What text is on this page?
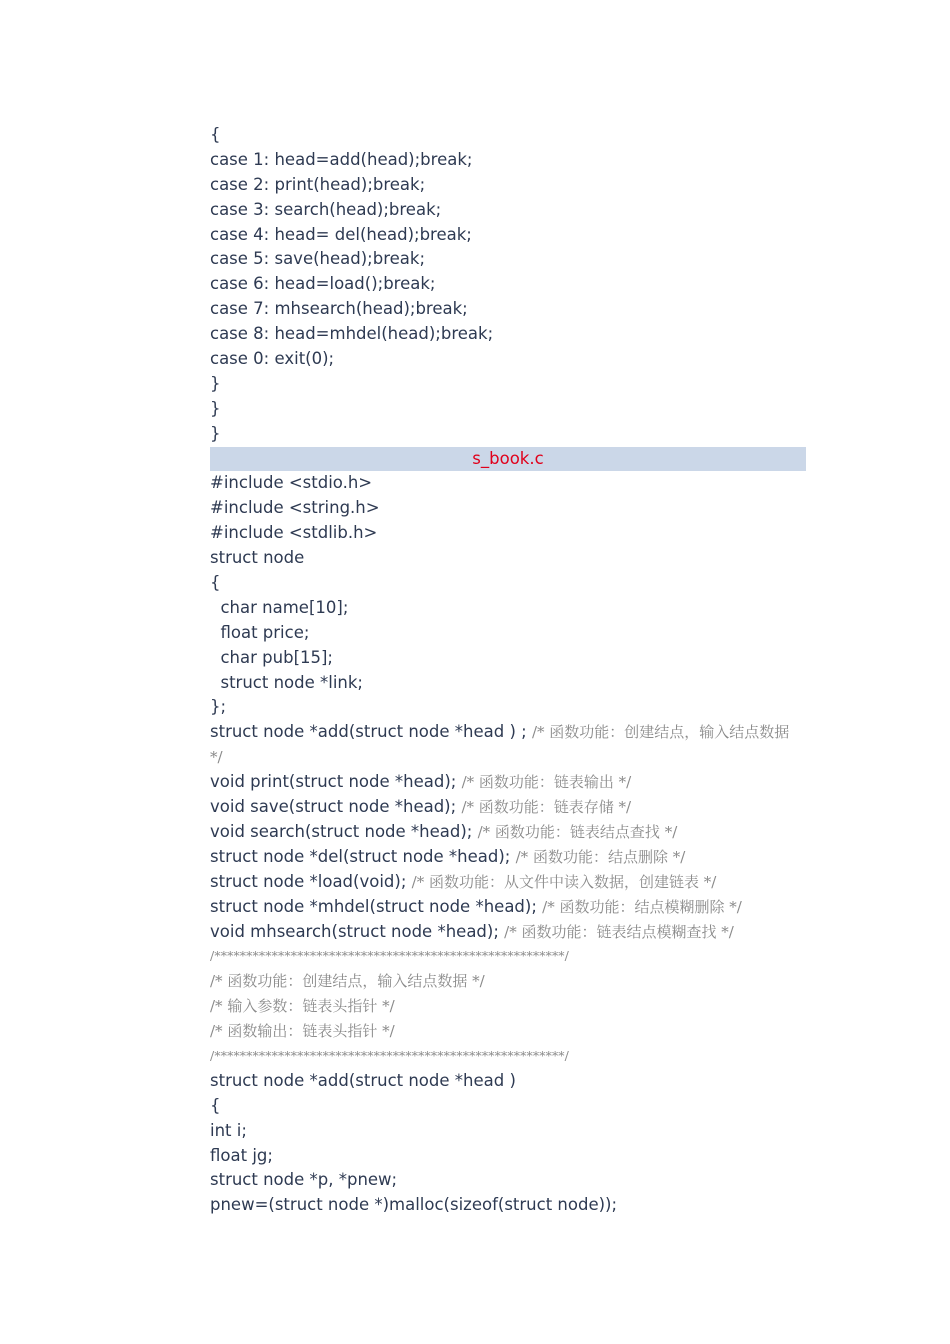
{
case 1: head=add(head);break;
case 2: print(head);break;
case 3: search(head);break;
case 4: head= del(head);break;
case 5: save(head);break;
case 6: head=load();break;
case 7: mhsearch(head);break;
case 8: head=mhdel(head);break;
case 0: exit(0);
}
}
}
s_book.c
#include <stdio.h>
#include <string.h>
#include <stdlib.h>
struct node
{
char name[10];
float price;
char pub[15];
struct node *link;
};
struct node *add(struct node *head ) ; /* 函数功能：创建结点，输入结点数据 */
void print(struct node *head); /* 函数功能：链表输出 */
void save(struct node *head); /* 函数功能：链表存储 */
void search(struct node *head); /* 函数功能：链表结点查找 */
struct node *del(struct node *head); /* 函数功能：结点删除 */
struct node *load(void); /* 函数功能：从文件中读入数据，创建链表 */
struct node *mhdel(struct node *head); /* 函数功能：结点模糊删除 */
void mhsearch(struct node *head); /* 函数功能：链表结点模糊查找 */
/*******************************************************/
/* 函数功能：创建结点，输入结点数据 */
/* 输入参数：链表头指针 */
/* 函数输出：链表头指针 */
/*******************************************************/
struct node *add(struct node *head )
{
int i;
float jg;
struct node *p, *pnew;
pnew=(struct node *)malloc(sizeof(struct node));
